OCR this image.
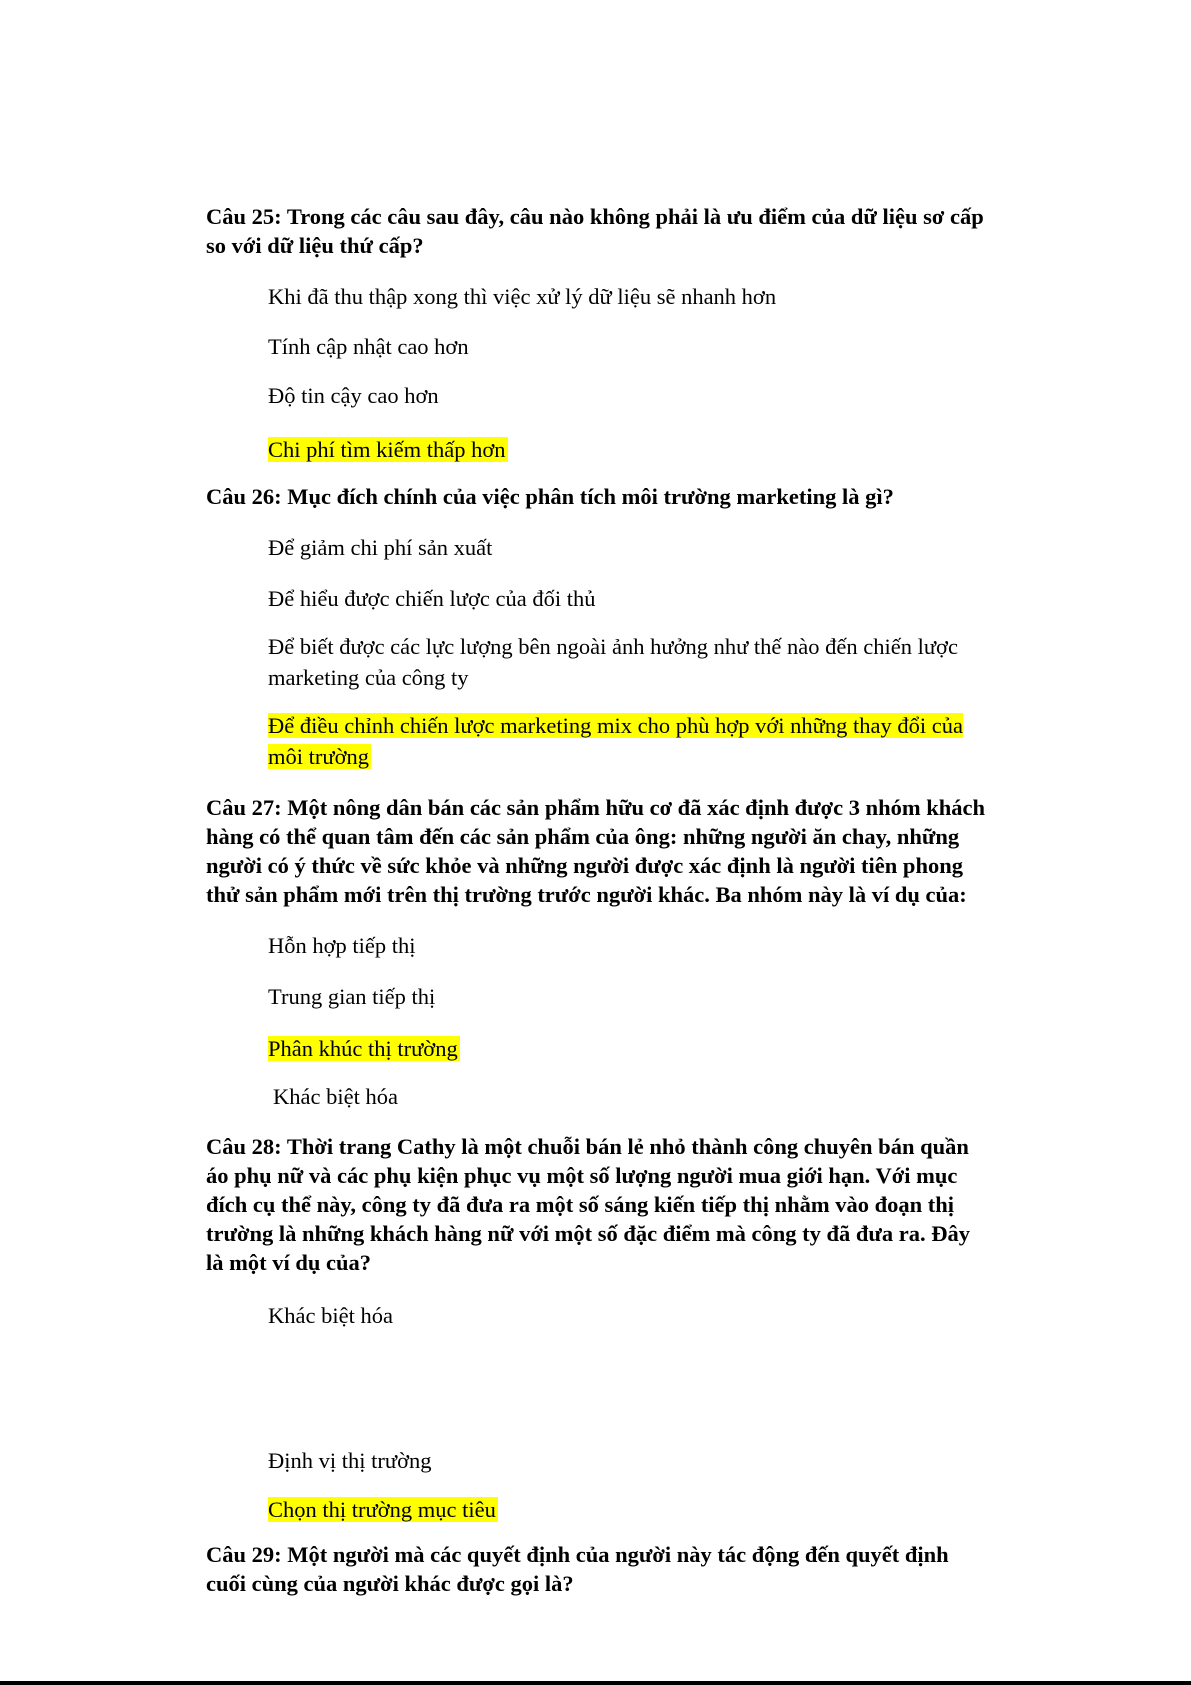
Câu 25: Trong các câu sau đây, câu nào không phải là ưu điểm của dữ liệu sơ cấp so với dữ liệu thứ cấp?
Khi đã thu thập xong thì việc xử lý dữ liệu sẽ nhanh hơn
Tính cập nhật cao hơn
Độ tin cậy cao hơn
Chi phí tìm kiếm thấp hơn
Câu 26: Mục đích chính của việc phân tích môi trường marketing là gì?
Để giảm chi phí sản xuất
Để hiểu được chiến lược của đối thủ
Để biết được các lực lượng bên ngoài ảnh hưởng như thế nào đến chiến lược marketing của công ty
Để điều chỉnh chiến lược marketing mix cho phù hợp với những thay đổi của môi trường
Câu 27: Một nông dân bán các sản phẩm hữu cơ đã xác định được 3 nhóm khách hàng có thể quan tâm đến các sản phẩm của ông: những người ăn chay, những người có ý thức về sức khỏe và những người được xác định là người tiên phong thử sản phẩm mới trên thị trường trước người khác. Ba nhóm này là ví dụ của:
Hỗn hợp tiếp thị
Trung gian tiếp thị
Phân khúc thị trường
Khác biệt hóa
Câu 28: Thời trang Cathy là một chuỗi bán lẻ nhỏ thành công chuyên bán quần áo phụ nữ và các phụ kiện phục vụ một số lượng người mua giới hạn. Với mục đích cụ thể này, công ty đã đưa ra một số sáng kiến tiếp thị nhằm vào đoạn thị trường là những khách hàng nữ với một số đặc điểm mà công ty đã đưa ra. Đây là một ví dụ của?
Khác biệt hóa
Định vị thị trường
Chọn thị trường mục tiêu
Câu 29: Một người mà các quyết định của người này tác động đến quyết định cuối cùng của người khác được gọi là?
